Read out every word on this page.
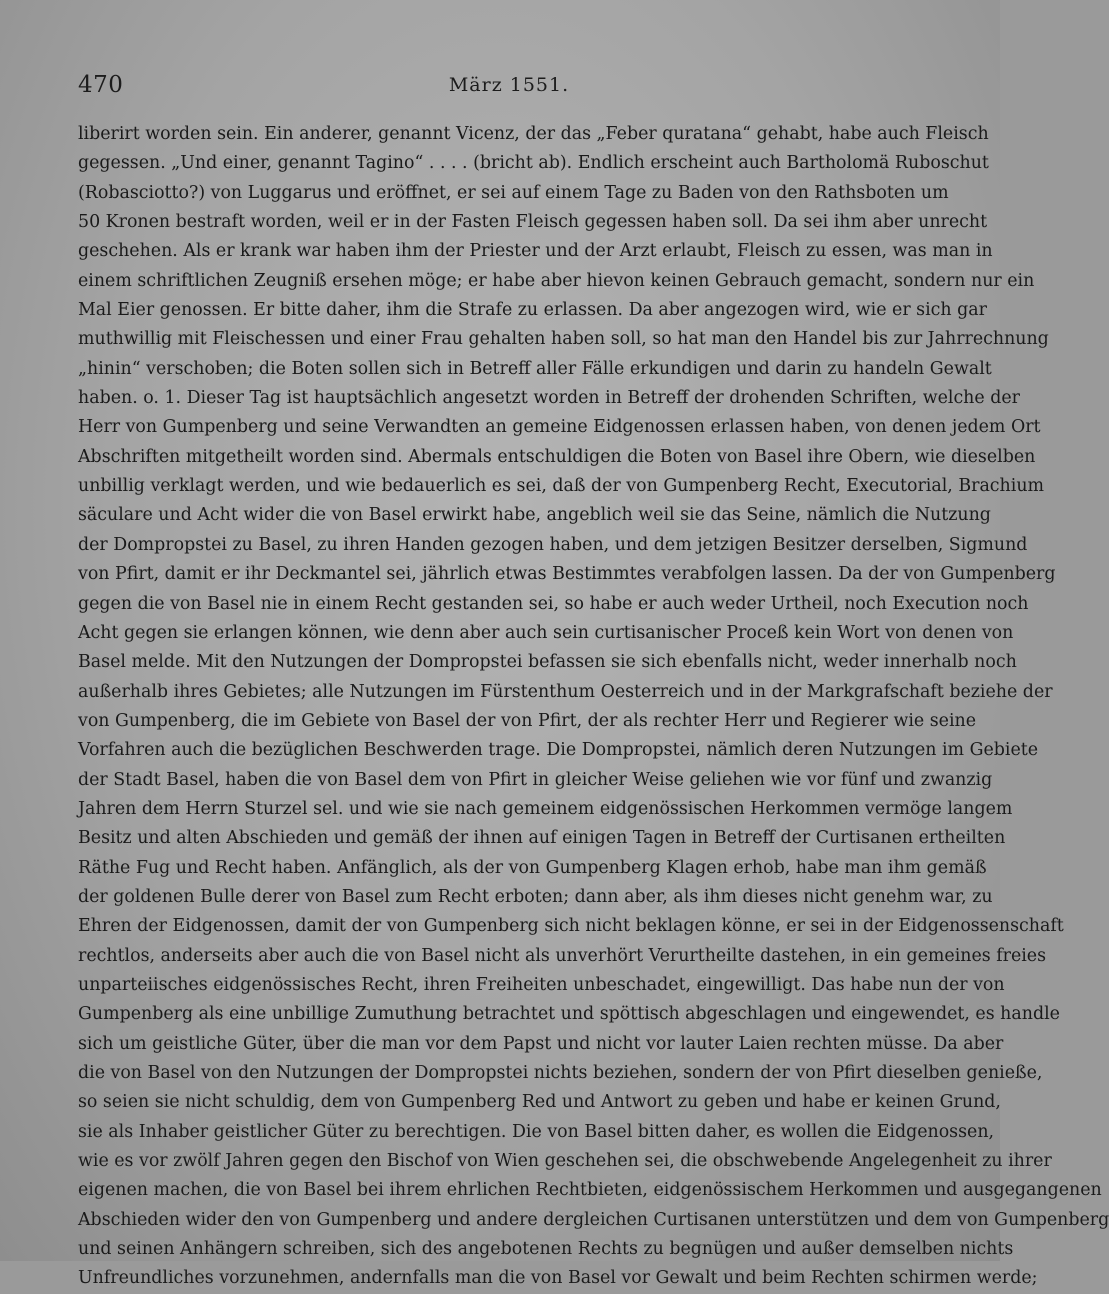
470	März 1551.
liberirt worden sein. Ein anderer, genannt Vicenz, der das „Feber quratana“ gehabt, habe auch Fleisch
gegessen. „Und einer, genannt Tagino“ . . . . (bricht ab). Endlich erscheint auch Bartholomä Ruboschut
(Robasciotto?) von Luggarus und eröffnet, er sei auf einem Tage zu Baden von den Rathsboten um
50 Kronen bestraft worden, weil er in der Fasten Fleisch gegessen haben soll. Da sei ihm aber unrecht
geschehen. Als er krank war haben ihm der Priester und der Arzt erlaubt, Fleisch zu essen, was man in
einem schriftlichen Zeugniß ersehen möge; er habe aber hievon keinen Gebrauch gemacht, sondern nur ein
Mal Eier genossen. Er bitte daher, ihm die Strafe zu erlassen. Da aber angezogen wird, wie er sich gar
muthwillig mit Fleischessen und einer Frau gehalten haben soll, so hat man den Handel bis zur Jahrrechnung
„hinin“ verschoben; die Boten sollen sich in Betreff aller Fälle erkundigen und darin zu handeln Gewalt
haben. o. 1. Dieser Tag ist hauptsächlich angesetzt worden in Betreff der drohenden Schriften, welche der
Herr von Gumpenberg und seine Verwandten an gemeine Eidgenossen erlassen haben, von denen jedem Ort
Abschriften mitgetheilt worden sind. Abermals entschuldigen die Boten von Basel ihre Obern, wie dieselben
unbillig verklagt werden, und wie bedauerlich es sei, daß der von Gumpenberg Recht, Executorial, Brachium
säculare und Acht wider die von Basel erwirkt habe, angeblich weil sie das Seine, nämlich die Nutzung
der Dompropstei zu Basel, zu ihren Handen gezogen haben, und dem jetzigen Besitzer derselben, Sigmund
von Pfirt, damit er ihr Deckmantel sei, jährlich etwas Bestimmtes verabfolgen lassen. Da der von Gumpenberg
gegen die von Basel nie in einem Recht gestanden sei, so habe er auch weder Urtheil, noch Execution noch
Acht gegen sie erlangen können, wie denn aber auch sein curtisanischer Proceß kein Wort von denen von
Basel melde. Mit den Nutzungen der Dompropstei befassen sie sich ebenfalls nicht, weder innerhalb noch
außerhalb ihres Gebietes; alle Nutzungen im Fürstenthum Oesterreich und in der Markgrafschaft beziehe der
von Gumpenberg, die im Gebiete von Basel der von Pfirt, der als rechter Herr und Regierer wie seine
Vorfahren auch die bezüglichen Beschwerden trage. Die Dompropstei, nämlich deren Nutzungen im Gebiete
der Stadt Basel, haben die von Basel dem von Pfirt in gleicher Weise geliehen wie vor fünf und zwanzig
Jahren dem Herrn Sturzel sel. und wie sie nach gemeinem eidgenössischen Herkommen vermöge langem
Besitz und alten Abschieden und gemäß der ihnen auf einigen Tagen in Betreff der Curtisanen ertheilten
Räthe Fug und Recht haben. Anfänglich, als der von Gumpenberg Klagen erhob, habe man ihm gemäß
der goldenen Bulle derer von Basel zum Recht erboten; dann aber, als ihm dieses nicht genehm war, zu
Ehren der Eidgenossen, damit der von Gumpenberg sich nicht beklagen könne, er sei in der Eidgenossenschaft
rechtlos, anderseits aber auch die von Basel nicht als unverhört Verurtheilte dastehen, in ein gemeines freies
unparteiisches eidgenössisches Recht, ihren Freiheiten unbeschadet, eingewilligt. Das habe nun der von
Gumpenberg als eine unbillige Zumuthung betrachtet und spöttisch abgeschlagen und eingewendet, es handle
sich um geistliche Güter, über die man vor dem Papst und nicht vor lauter Laien rechten müsse. Da aber
die von Basel von den Nutzungen der Dompropstei nichts beziehen, sondern der von Pfirt dieselben genieße,
so seien sie nicht schuldig, dem von Gumpenberg Red und Antwort zu geben und habe er keinen Grund,
sie als Inhaber geistlicher Güter zu berechtigen. Die von Basel bitten daher, es wollen die Eidgenossen,
wie es vor zwölf Jahren gegen den Bischof von Wien geschehen sei, die obschwebende Angelegenheit zu ihrer
eigenen machen, die von Basel bei ihrem ehrlichen Rechtbieten, eidgenössischem Herkommen und ausgegangenen
Abschieden wider den von Gumpenberg und andere dergleichen Curtisanen unterstützen und dem von Gumpenberg
und seinen Anhängern schreiben, sich des angebotenen Rechts zu begnügen und außer demselben nichts
Unfreundliches vorzunehmen, andernfalls man die von Basel vor Gewalt und beim Rechten schirmen werde;
